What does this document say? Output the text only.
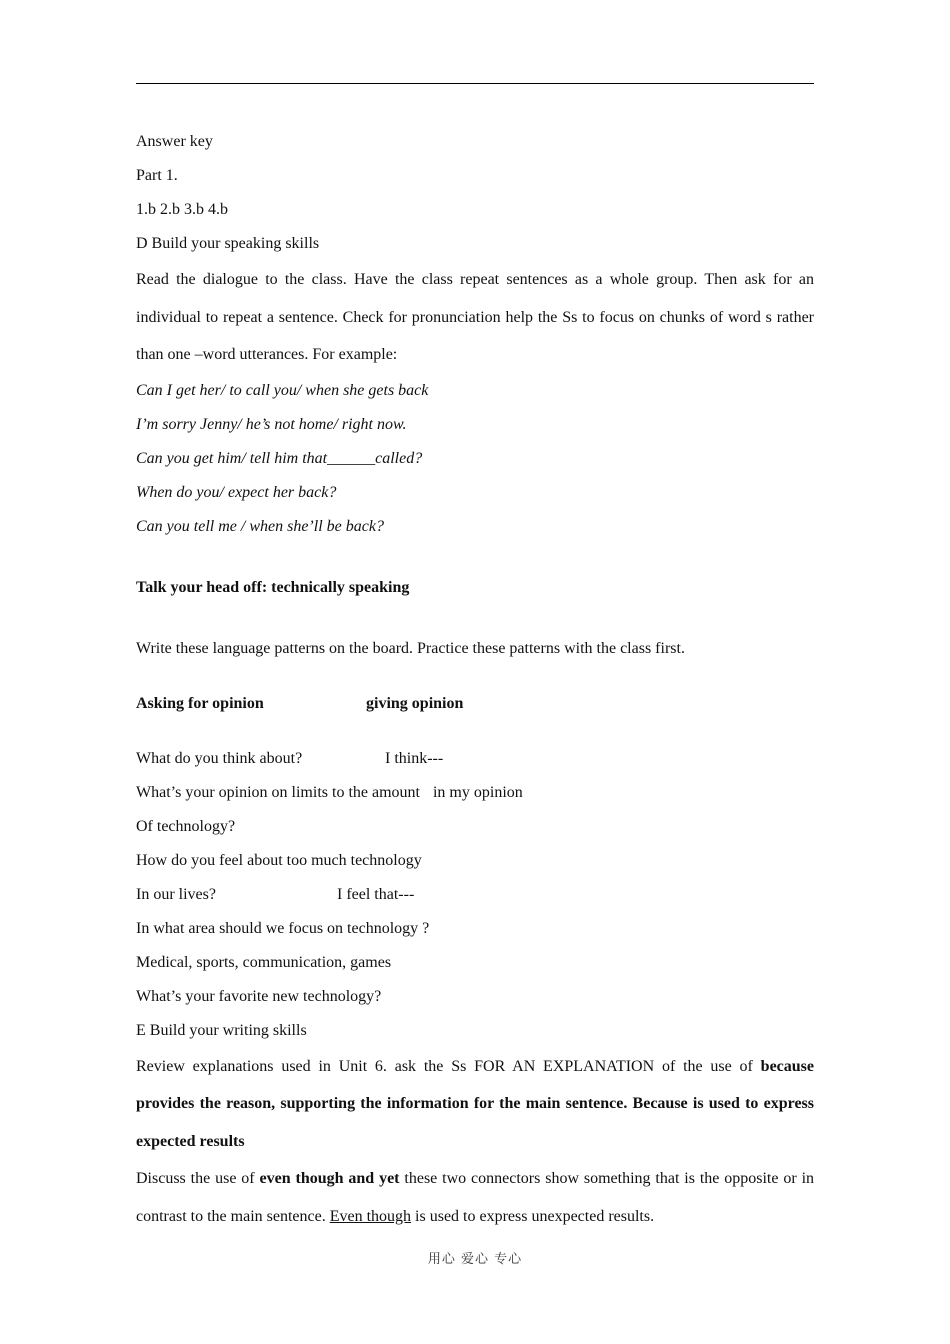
Answer key

Part 1.

1.b 2.b 3.b 4.b

D Build your speaking skills

Read the dialogue to the class. Have the class repeat sentences as a whole group. Then ask for an individual to repeat a sentence. Check for pronunciation help the Ss to focus on chunks of word s rather than one –word utterances. For example:

Can I get her/ to call you/ when she gets back

I’m sorry Jenny/ he’s not home/ right now.

Can you get him/ tell him that______called?

When do you/ expect her back?

Can you tell me / when she’ll be back?

Talk your head off: technically speaking

Write these language patterns on the board. Practice these patterns with the class first.

Asking for opinion	giving opinion

What do you think about?	I think---

What’s your opinion on limits to the amount in my opinion

Of technology?

How do you feel about too much technology

In our lives?	I feel that---

In what area should we focus on technology ?

Medical, sports, communication, games

What’s your favorite new technology?

E Build your writing skills

Review explanations used in Unit 6. ask the Ss FOR AN EXPLANATION of the use of because provides the reason, supporting the information for the main sentence. Because is used to express expected results

Discuss the use of even though and yet these two connectors show something that is the opposite or in contrast to the main sentence. Even though is used to express unexpected results.

用心 爱心 专心
